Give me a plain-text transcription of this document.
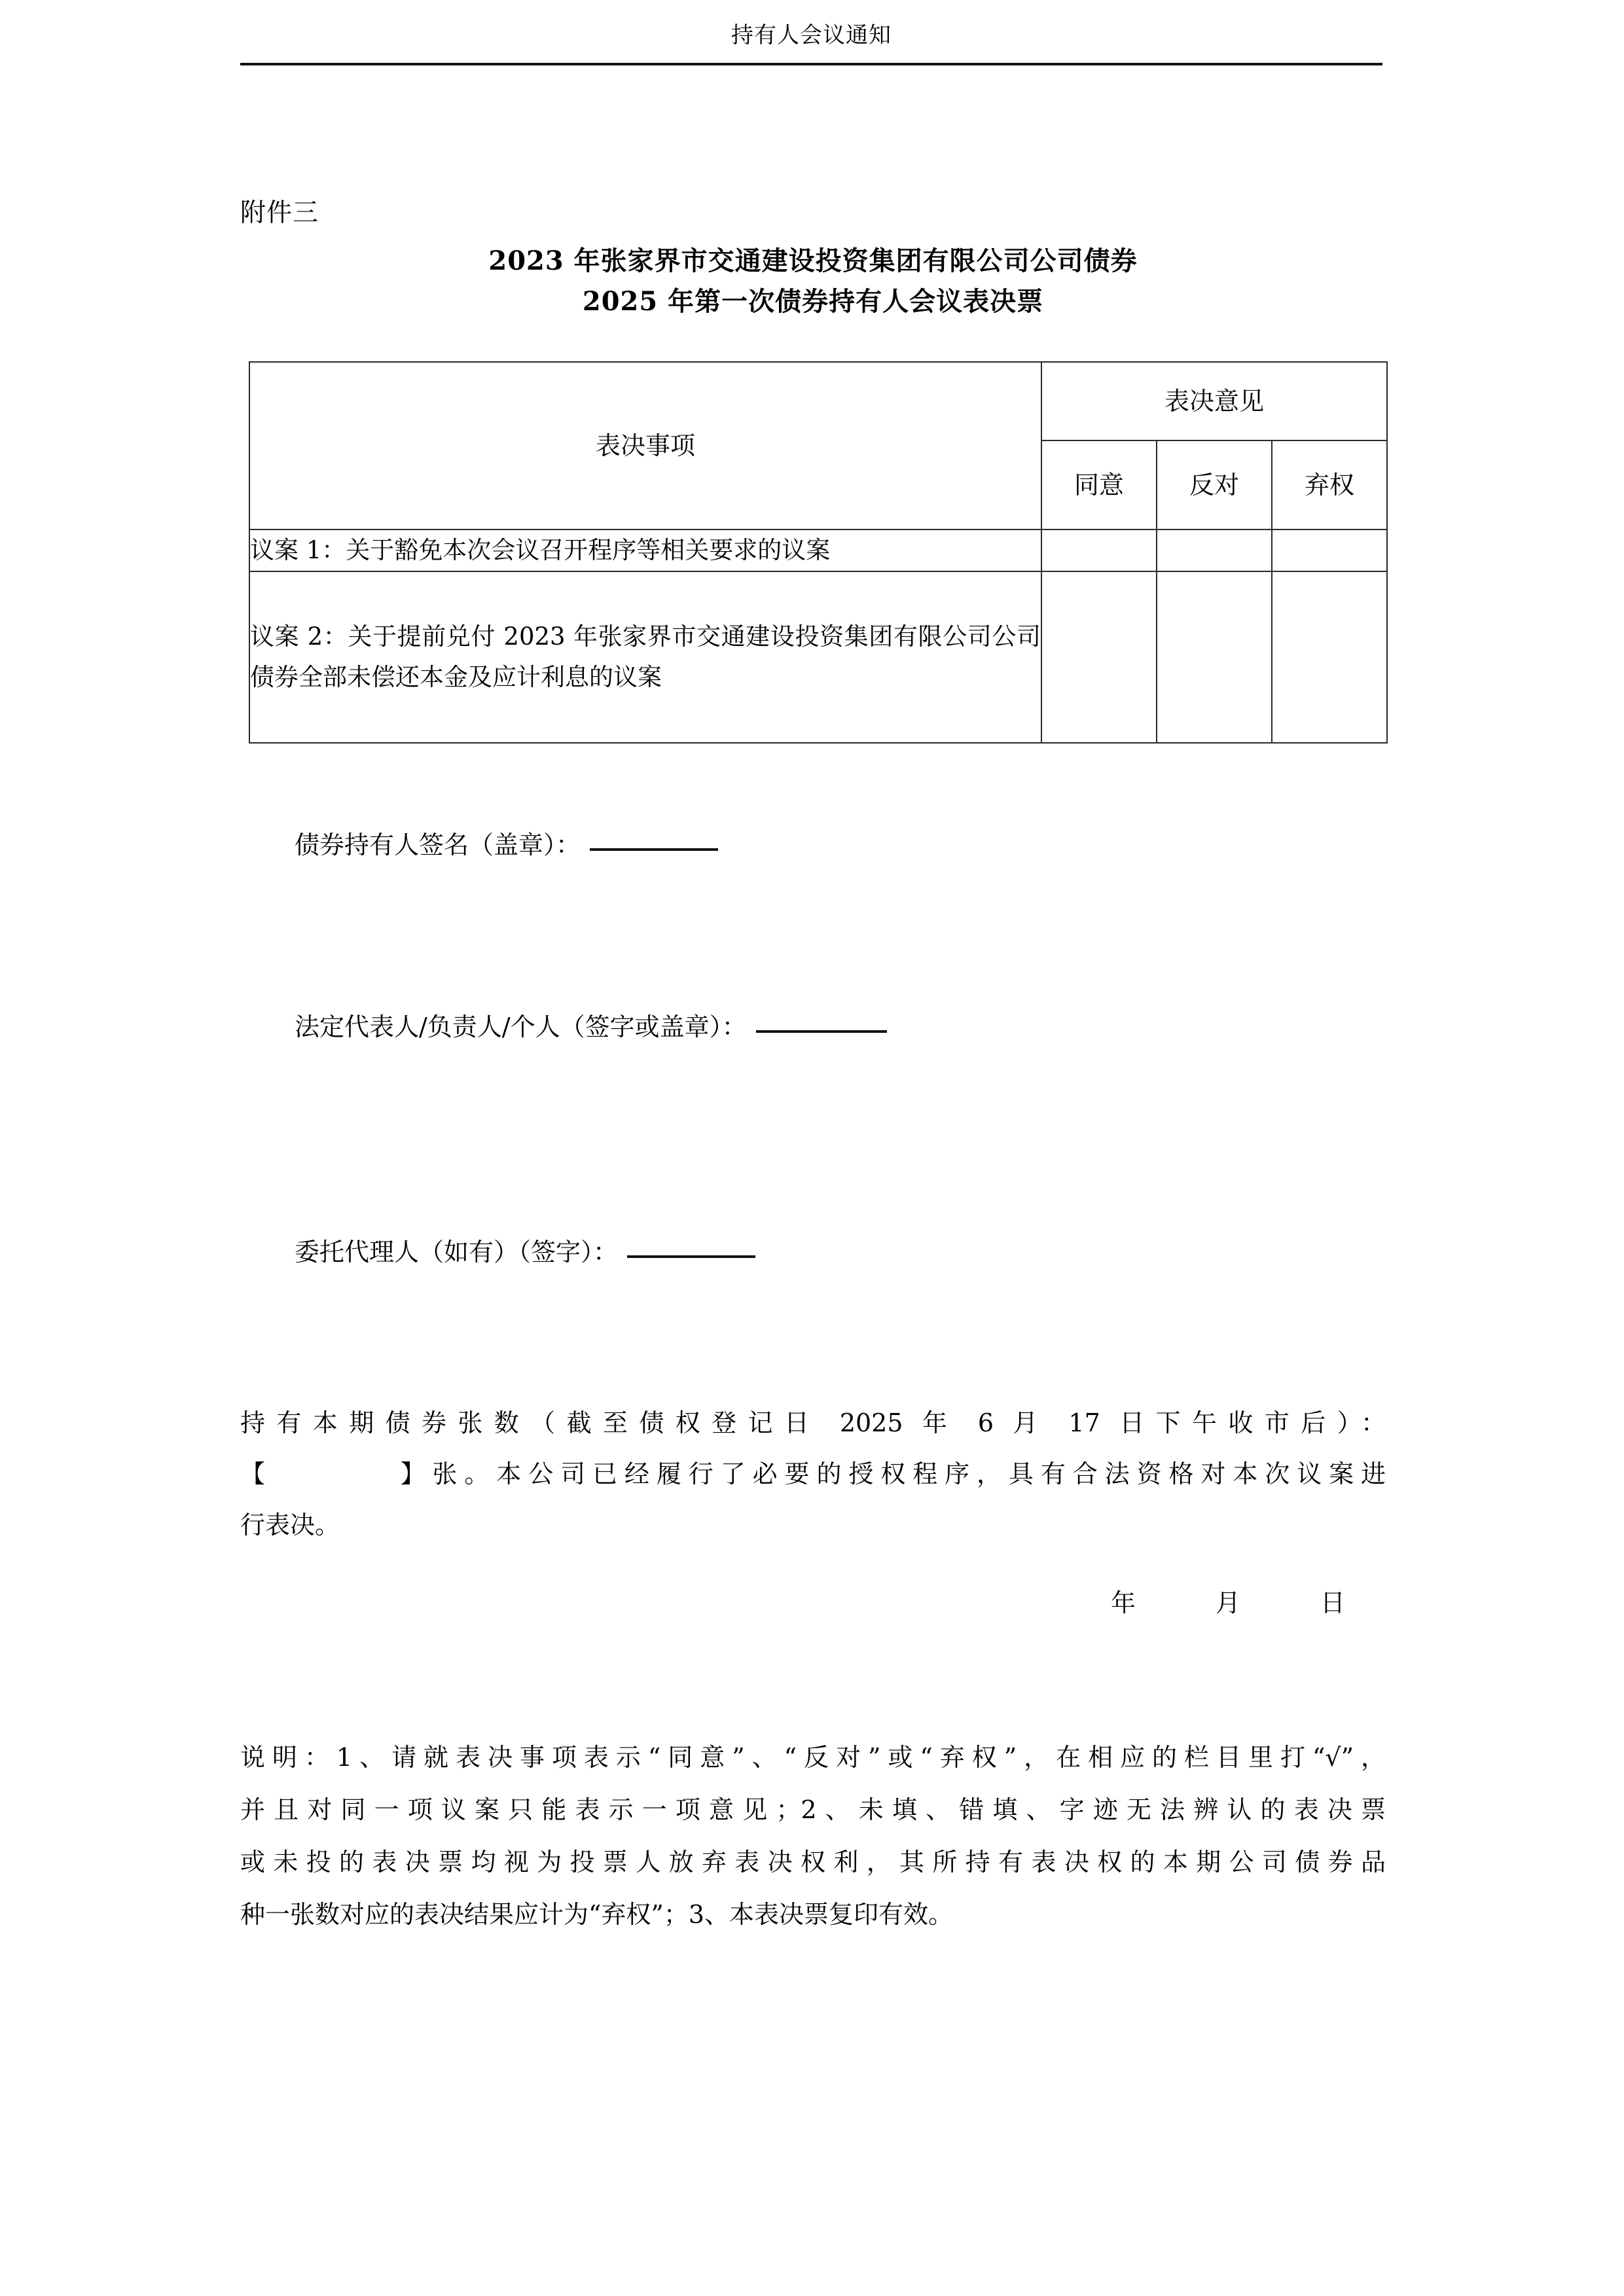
持有人会议通知
附件三
2023 年张家界市交通建设投资集团有限公司公司债券
2025 年第一次债券持有人会议表决票
表决事项	表决意见		
	同意	反对	弃权
议案 1：关于豁免本次会议召开程序等相关要求的议案			
议案 2：关于提前兑付 2023 年张家界市交通建设投资集团有限公司公司债券全部未偿还本金及应计利息的议案			
债券持有人签名（盖章）：
法定代表人/负责人/个人（签字或盖章）：
委托代理人（如有）（签字）：
持有本期债券张数（截至债权登记日 2025 年 6 月 17 日下午收市后）：
【　　　　】张。本公司已经履行了必要的授权程序，具有合法资格对本次议案进
行表决。
年　　　月　　　日
说明：1、请就表决事项表示“同意”、“反对”或“弃权”，在相应的栏目里打“√”，
并且对同一项议案只能表示一项意见；2、未填、错填、字迹无法辨认的表决票
或未投的表决票均视为投票人放弃表决权利，其所持有表决权的本期公司债券品
种一张数对应的表决结果应计为“弃权”；3、本表决票复印有效。
